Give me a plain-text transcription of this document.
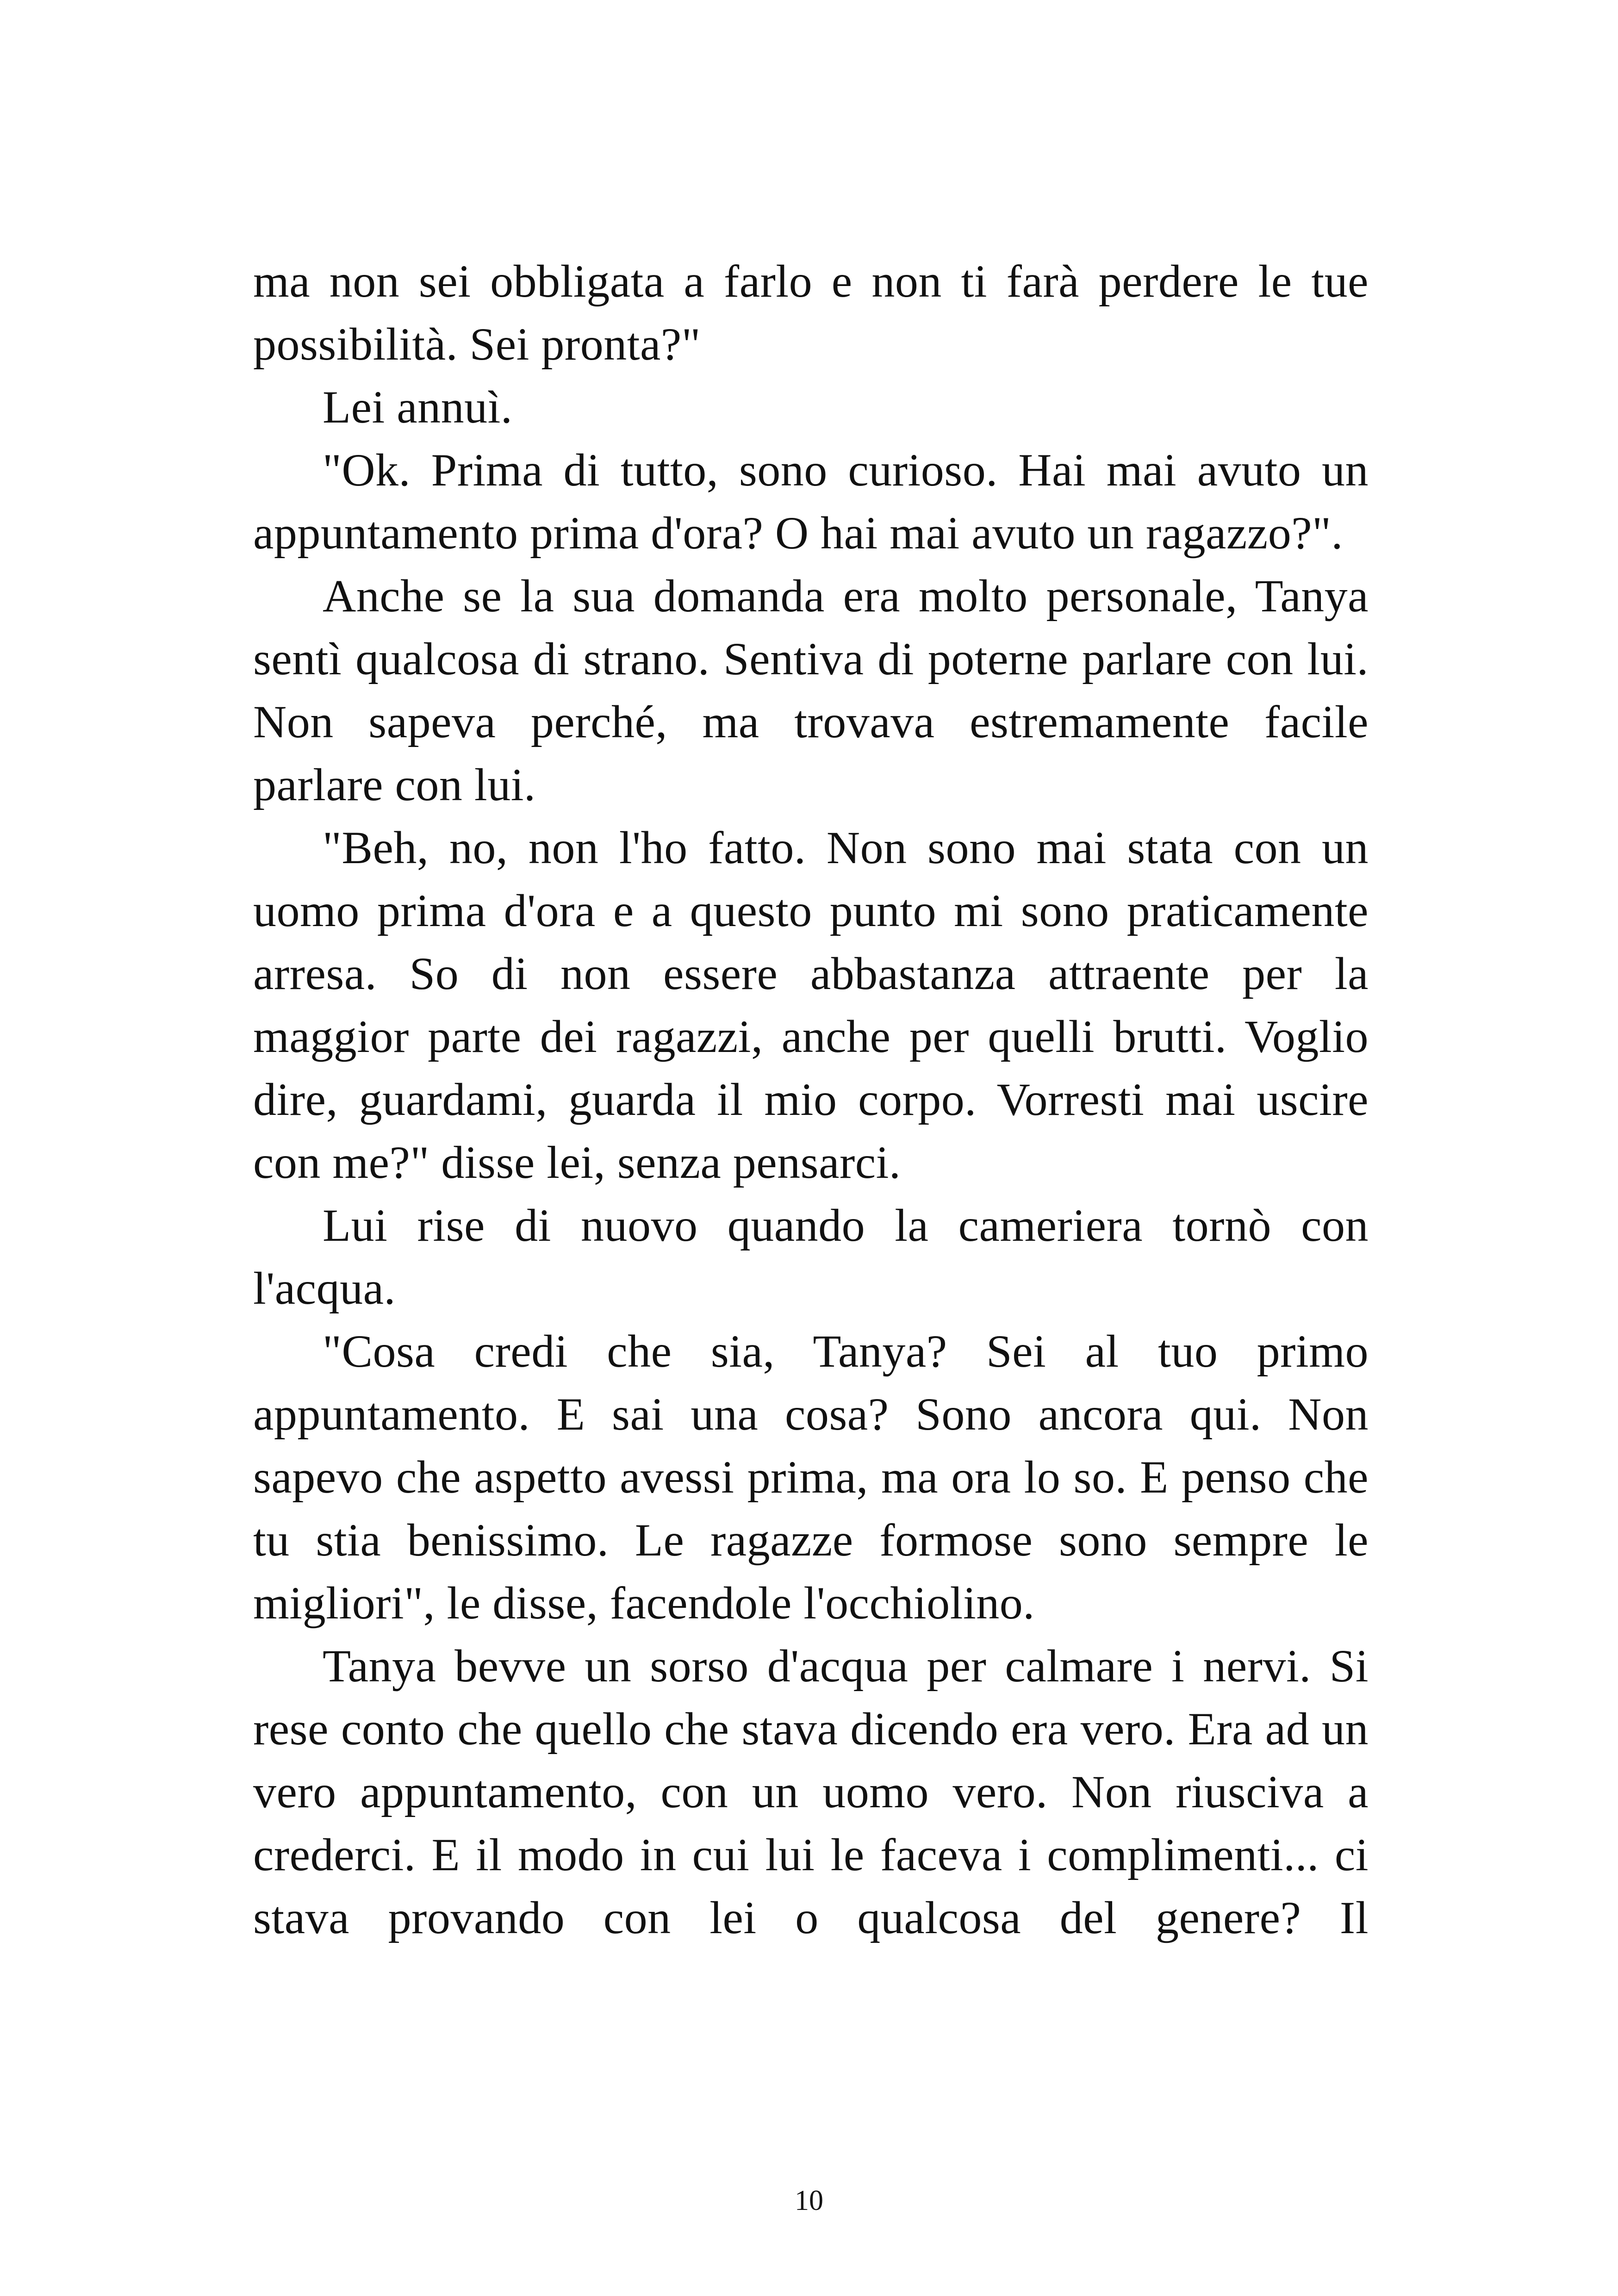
ma non sei obbligata a farlo e non ti farà perdere le tue possibilità. Sei pronta?"

Lei annuì.

"Ok. Prima di tutto, sono curioso. Hai mai avuto un appuntamento prima d'ora? O hai mai avuto un ragazzo?".

Anche se la sua domanda era molto personale, Tanya sentì qualcosa di strano. Sentiva di poterne parlare con lui. Non sapeva perché, ma trovava estremamente facile parlare con lui.

"Beh, no, non l'ho fatto. Non sono mai stata con un uomo prima d'ora e a questo punto mi sono praticamente arresa. So di non essere abbastanza attraente per la maggior parte dei ragazzi, anche per quelli brutti. Voglio dire, guardami, guarda il mio corpo. Vorresti mai uscire con me?" disse lei, senza pensarci.

Lui rise di nuovo quando la cameriera tornò con l'acqua.

"Cosa credi che sia, Tanya? Sei al tuo primo appuntamento. E sai una cosa? Sono ancora qui. Non sapevo che aspetto avessi prima, ma ora lo so. E penso che tu stia benissimo. Le ragazze formose sono sempre le migliori", le disse, facendole l'occhiolino.

Tanya bevve un sorso d'acqua per calmare i nervi. Si rese conto che quello che stava dicendo era vero. Era ad un vero appuntamento, con un uomo vero. Non riusciva a crederci. E il modo in cui lui le faceva i complimenti... ci stava provando con lei o qualcosa del genere? Il

10
